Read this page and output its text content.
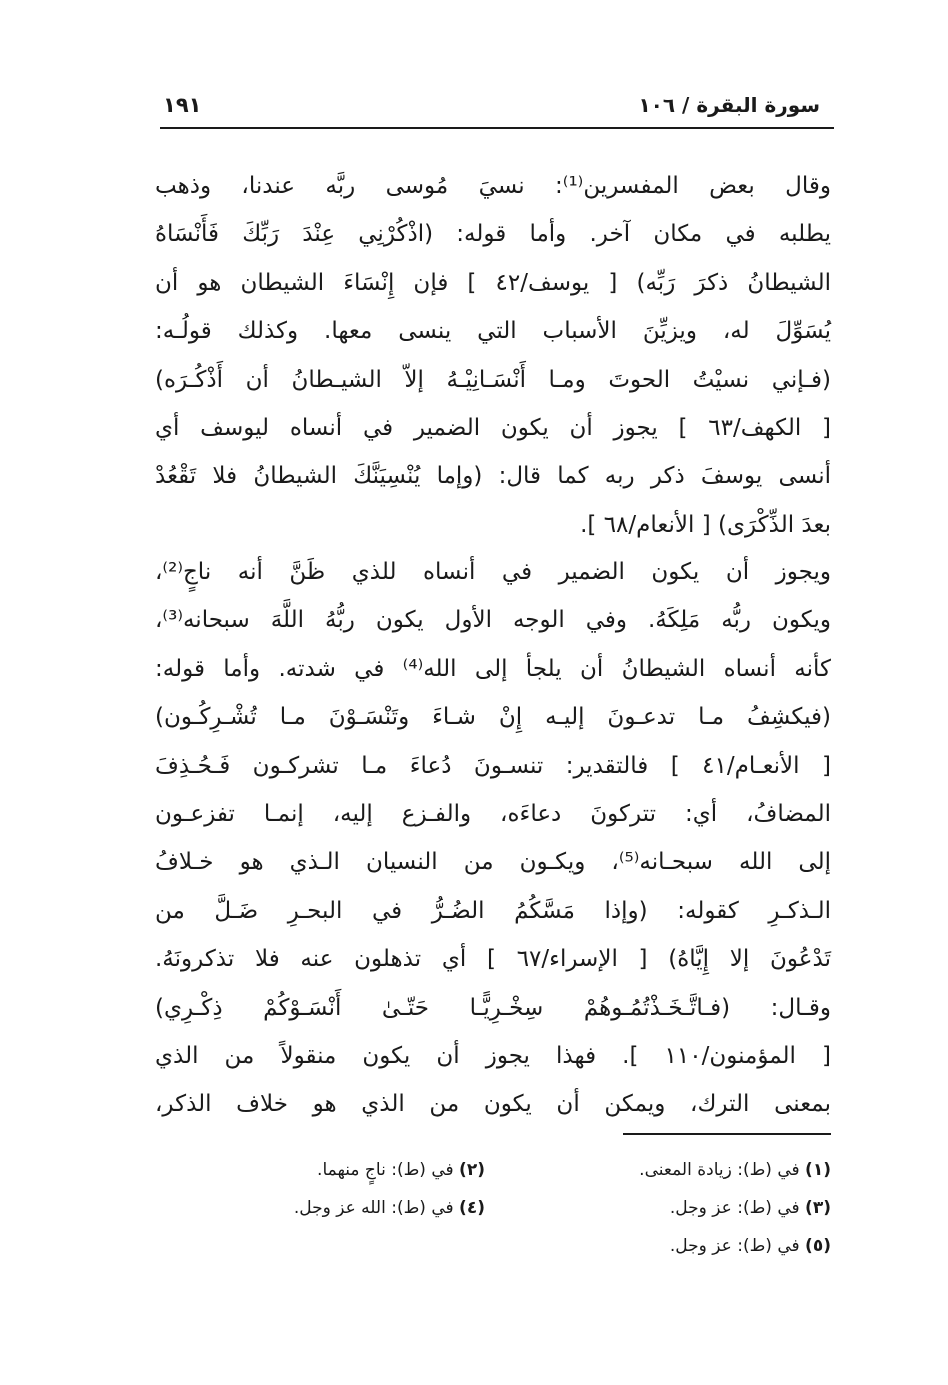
سورة البقرة / ١٠٦
١٩١
وقال بعض المفسرين⁽¹⁾: نسيَ مُوسى ربَّه عندنا، وذهب
يطلبه في مكان آخر. وأما قوله: (اذْكُرْنِي عِنْدَ رَبِّكَ فَأَنْسَاهُ
الشيطانُ ذكرَ رَبِّه) [ يوسف/٤٢ ] فإن إِنْسَاءَ الشيطان هو أن
يُسَوِّلَ له، ويزيِّنَ الأسباب التي ينسى معها. وكذلك قولُـه:
(فـإني نسيْتُ الحوتَ ومـا أَنْسَـانِيْـهُ إلاّ الشيـطانُ أن أَذْكُـرَه)
[ الكهف/٦٣ ] يجوز أن يكون الضمير في أنساه ليوسف أي
أنسى يوسفَ ذكر ربه كما قال: (وإما يُنْسِيَنَّكَ الشيطانُ فلا تَقْعُدْ
بعدَ الذِّكْرَى) [ الأنعام/٦٨ ].
ويجوز أن يكون الضمير في أنساه للذي ظَنَّ أنه ناجٍ⁽²⁾،
ويكون ربُّه مَلِكَهُ. وفي الوجه الأول يكون ربُّهُ اللَّهَ سبحانه⁽³⁾،
كأنه أنساه الشيطانُ أن يلجأ إلى الله⁽⁴⁾ في شدته. وأما قوله:
(فيكشِفُ مـا تدعـونَ إليـه إِنْ شـاءَ وتَنْسَـوْنَ مـا تُشْـرِكُـون)
[ الأنعـام/٤١ ] فالتقدير: تنسـونَ دُعاءَ مـا تشركـون فَـحُـذِفَ
المضافُ، أي: تتركونَ دعاءَه، والفـزع إليه، إنمـا تفزعـون
إلى الله سبحـانه⁽⁵⁾، ويكـون من النسيان الـذي هو خـلافُ
الـذكـرِ كقوله: (وإذا مَسَّكُمُ الضُـرُّ في البحـرِ ضَـلَّ من
تَدْعُونَ إلا إِيَّاهُ) [ الإسراء/٦٧ ] أي تذهلون عنه فلا تذكرونَهُ.
وقـال: (فـاتَّـخَـذْتُمُـوهُمْ سِخْـرِيًّـا حَتّـىٰ أَنْسَـوْكُمْ ذِكْـرِي)
[ المؤمنون/١١٠ ]. فهذا يجوز أن يكون منقولاً من الذي
بمعنى الترك، ويمكن أن يكون من الذي هو خلاف الذكر،
(١) في (ط): زيادة المعنى.
(٢) في (ط): ناجٍ منهما.
(٣) في (ط): عز وجل.
(٤) في (ط): الله عز وجل.
(٥) في (ط): عز وجل.
